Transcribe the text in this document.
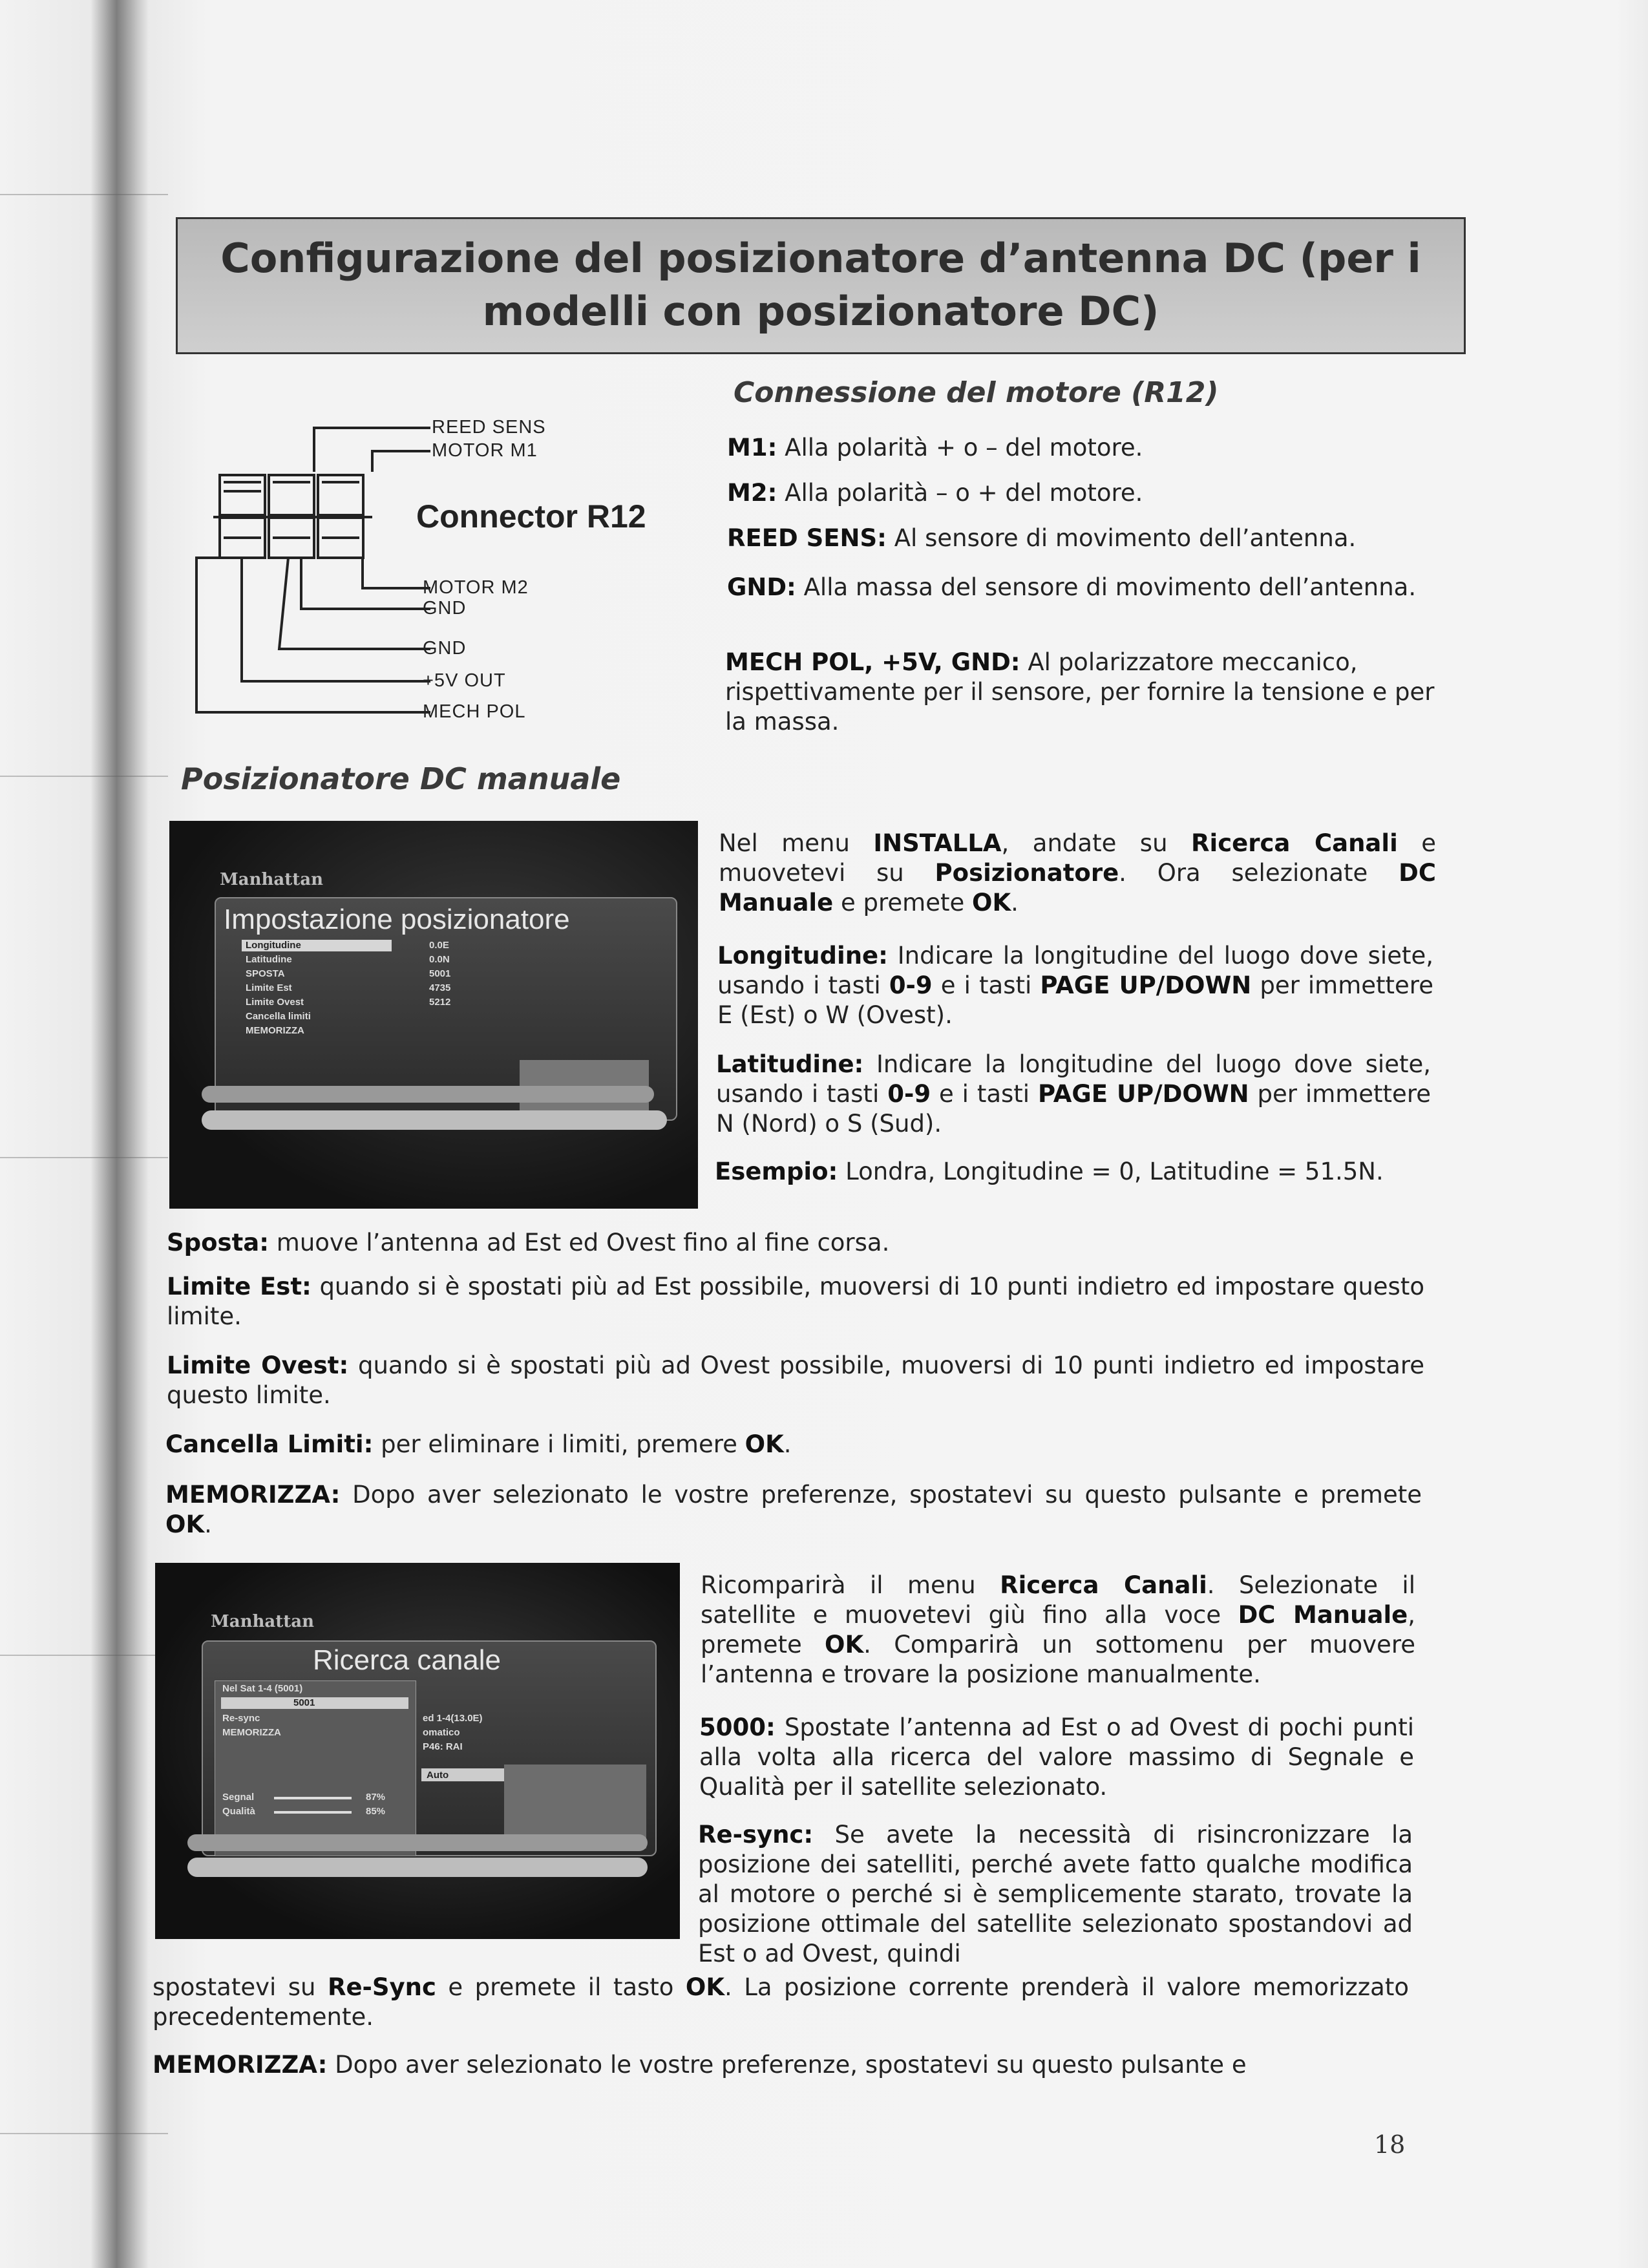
Configurazione del posizionatore d’antenna DC (per i
modelli con posizionatore DC)
Connector R12
REED SENS
MOTOR M1
MOTOR M2
GND
GND
+5V OUT
MECH POL
Connessione del motore (R12)
M1: Alla polarità + o – del motore.
M2: Alla polarità – o + del motore.
REED SENS: Al sensore di movimento dell’antenna.
GND: Alla massa del sensore di movimento dell’antenna.
MECH POL, +5V, GND: Al polarizzatore meccanico, rispettivamente per il sensore, per fornire la tensione e per la massa.
Posizionatore DC manuale
Manhattan
Impostazione posizionatore
Longitudine
Latitudine
SPOSTA
Limite Est
Limite Ovest
Cancella limiti
MEMORIZZA
0.0E
0.0N
5001
4735
5212
Nel menu INSTALLA, andate su Ricerca Canali e muovetevi su Posizionatore. Ora selezionate DC Manuale e premete OK.
Longitudine: Indicare la longitudine del luogo dove siete, usando i tasti 0-9 e i tasti PAGE UP/DOWN per immettere E (Est) o W (Ovest).
Latitudine: Indicare la longitudine del luogo dove siete, usando i tasti 0-9 e i tasti PAGE UP/DOWN per immettere N (Nord) o S (Sud).
Esempio: Londra, Longitudine = 0, Latitudine = 51.5N.
Sposta: muove l’antenna ad Est ed Ovest fino al fine corsa.
Limite Est: quando si è spostati più ad Est possibile, muoversi di 10 punti indietro ed impostare questo limite.
Limite Ovest: quando si è spostati più ad Ovest possibile, muoversi di 10 punti indietro ed impostare questo limite.
Cancella Limiti: per eliminare i limiti, premere OK.
MEMORIZZA: Dopo aver selezionato le vostre preferenze, spostatevi su questo pulsante e premete OK.
Manhattan
Ricerca canale
Nel Sat 1-4 (5001)
5001
Re-sync
MEMORIZZA
Segnal
Qualità
87%
85%
ed 1-4(13.0E)
omatico
P46: RAI
Auto
Ricomparirà il menu Ricerca Canali. Selezionate il satellite e muovetevi giù fino alla voce DC Manuale, premete OK. Comparirà un sottomenu per muovere l’antenna e trovare la posizione manualmente.
5000: Spostate l’antenna ad Est o ad Ovest di pochi punti alla volta alla ricerca del valore massimo di Segnale e Qualità per il satellite selezionato.
Re-sync: Se avete la necessità di risincronizzare la posizione dei satelliti, perché avete fatto qualche modifica al motore o perché si è semplicemente starato, trovate la posizione ottimale del satellite selezionato spostandovi ad Est o ad Ovest, quindi
spostatevi su Re-Sync e premete il tasto OK. La posizione corrente prenderà il valore memorizzato precedentemente.
MEMORIZZA: Dopo aver selezionato le vostre preferenze, spostatevi su questo pulsante e
18
